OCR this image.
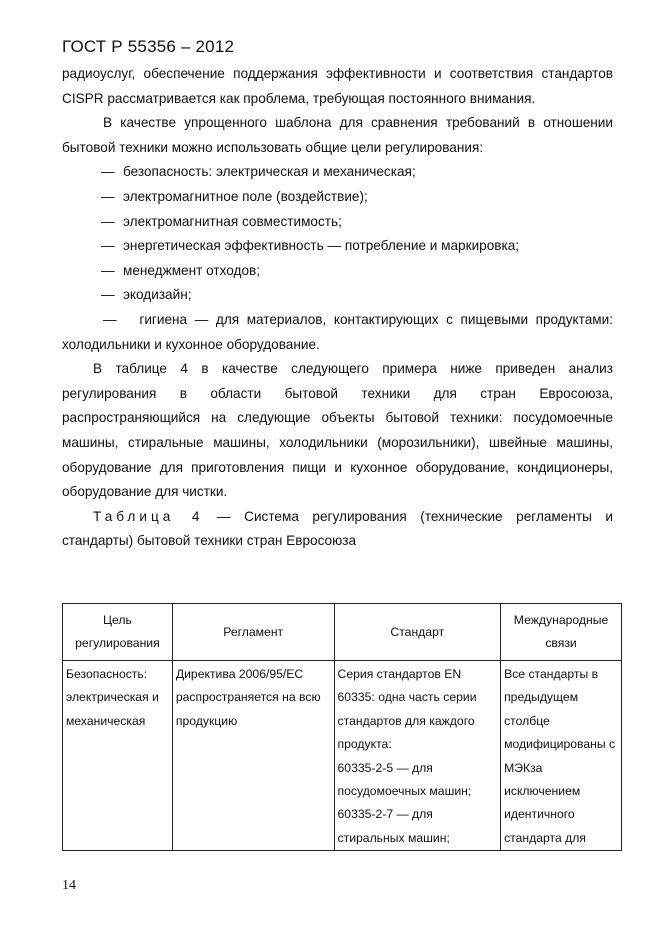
ГОСТ Р 55356 – 2012

радиоуслуг, обеспечение поддержания эффективности и соответствия стандартов CISPR рассматривается как проблема, требующая постоянного внимания.

В качестве упрощенного шаблона для сравнения требований в отношении бытовой техники можно использовать общие цели регулирования:

— безопасность: электрическая и механическая;
— электромагнитное поле (воздействие);
— электромагнитная совместимость;
— энергетическая эффективность — потребление и маркировка;
— менеджмент отходов;
— экодизайн;

— гигиена — для материалов, контактирующих с пищевыми продуктами: холодильники и кухонное оборудование.

В таблице 4 в качестве следующего примера ниже приведен анализ регулирования в области бытовой техники для стран Евросоюза, распространяющийся на следующие объекты бытовой техники: посудомоечные машины, стиральные машины, холодильники (морозильники), швейные машины, оборудование для приготовления пищи и кухонное оборудование, кондиционеры, оборудование для чистки.

Таблица 4 — Система регулирования (технические регламенты и стандарты) бытовой техники стран Евросоюза

Цель регулирования	Регламент	Стандарт	Международные связи
Безопасность: электрическая и механическая	Директива 2006/95/ЕС распространяется на всю продукцию	Серия стандартов EN 60335: одна часть серии стандартов для каждого продукта:
60335-2-5 — для посудомоечных машин;
60335-2-7 — для стиральных машин;	Все стандарты в предыдущем столбце модифицированы с МЭКза исключением идентичного стандарта для
14
